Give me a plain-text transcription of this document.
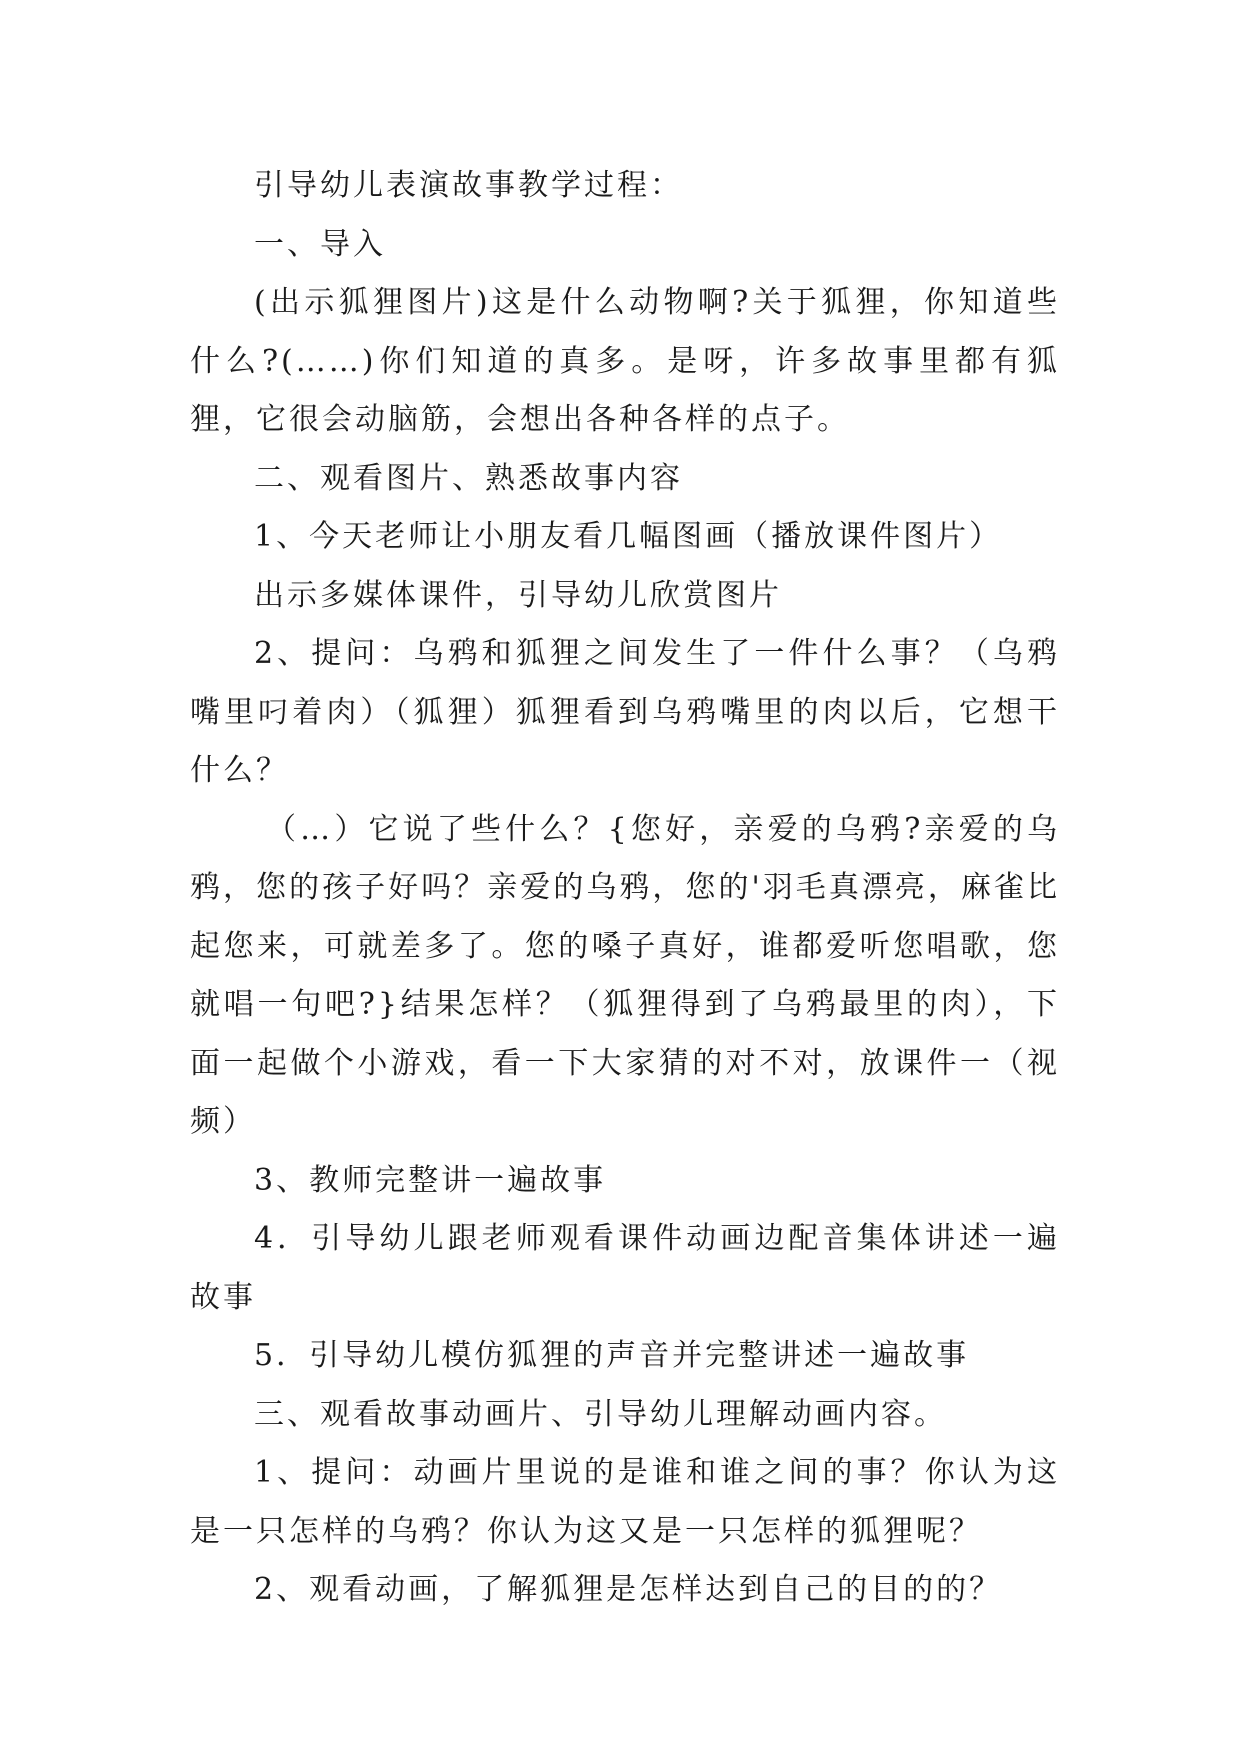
引导幼儿表演故事教学过程：

一、导入

(出示狐狸图片)这是什么动物啊?关于狐狸，你知道些什么?(……)你们知道的真多。是呀，许多故事里都有狐狸，它很会动脑筋，会想出各种各样的点子。

二、观看图片、熟悉故事内容

1、今天老师让小朋友看几幅图画（播放课件图片）

出示多媒体课件，引导幼儿欣赏图片

2、提问：乌鸦和狐狸之间发生了一件什么事？（乌鸦嘴里叼着肉）（狐狸）狐狸看到乌鸦嘴里的肉以后，它想干什么？

（…）它说了些什么？{您好，亲爱的乌鸦?亲爱的乌鸦，您的孩子好吗？亲爱的乌鸦，您的'羽毛真漂亮，麻雀比起您来，可就差多了。您的嗓子真好，谁都爱听您唱歌，您就唱一句吧?}结果怎样？（狐狸得到了乌鸦最里的肉），下面一起做个小游戏，看一下大家猜的对不对，放课件一（视频）

3、教师完整讲一遍故事

4．引导幼儿跟老师观看课件动画边配音集体讲述一遍故事

5．引导幼儿模仿狐狸的声音并完整讲述一遍故事

三、观看故事动画片、引导幼儿理解动画内容。

1、提问：动画片里说的是谁和谁之间的事？你认为这是一只怎样的乌鸦？你认为这又是一只怎样的狐狸呢？

2、观看动画，了解狐狸是怎样达到自己的目的的？
